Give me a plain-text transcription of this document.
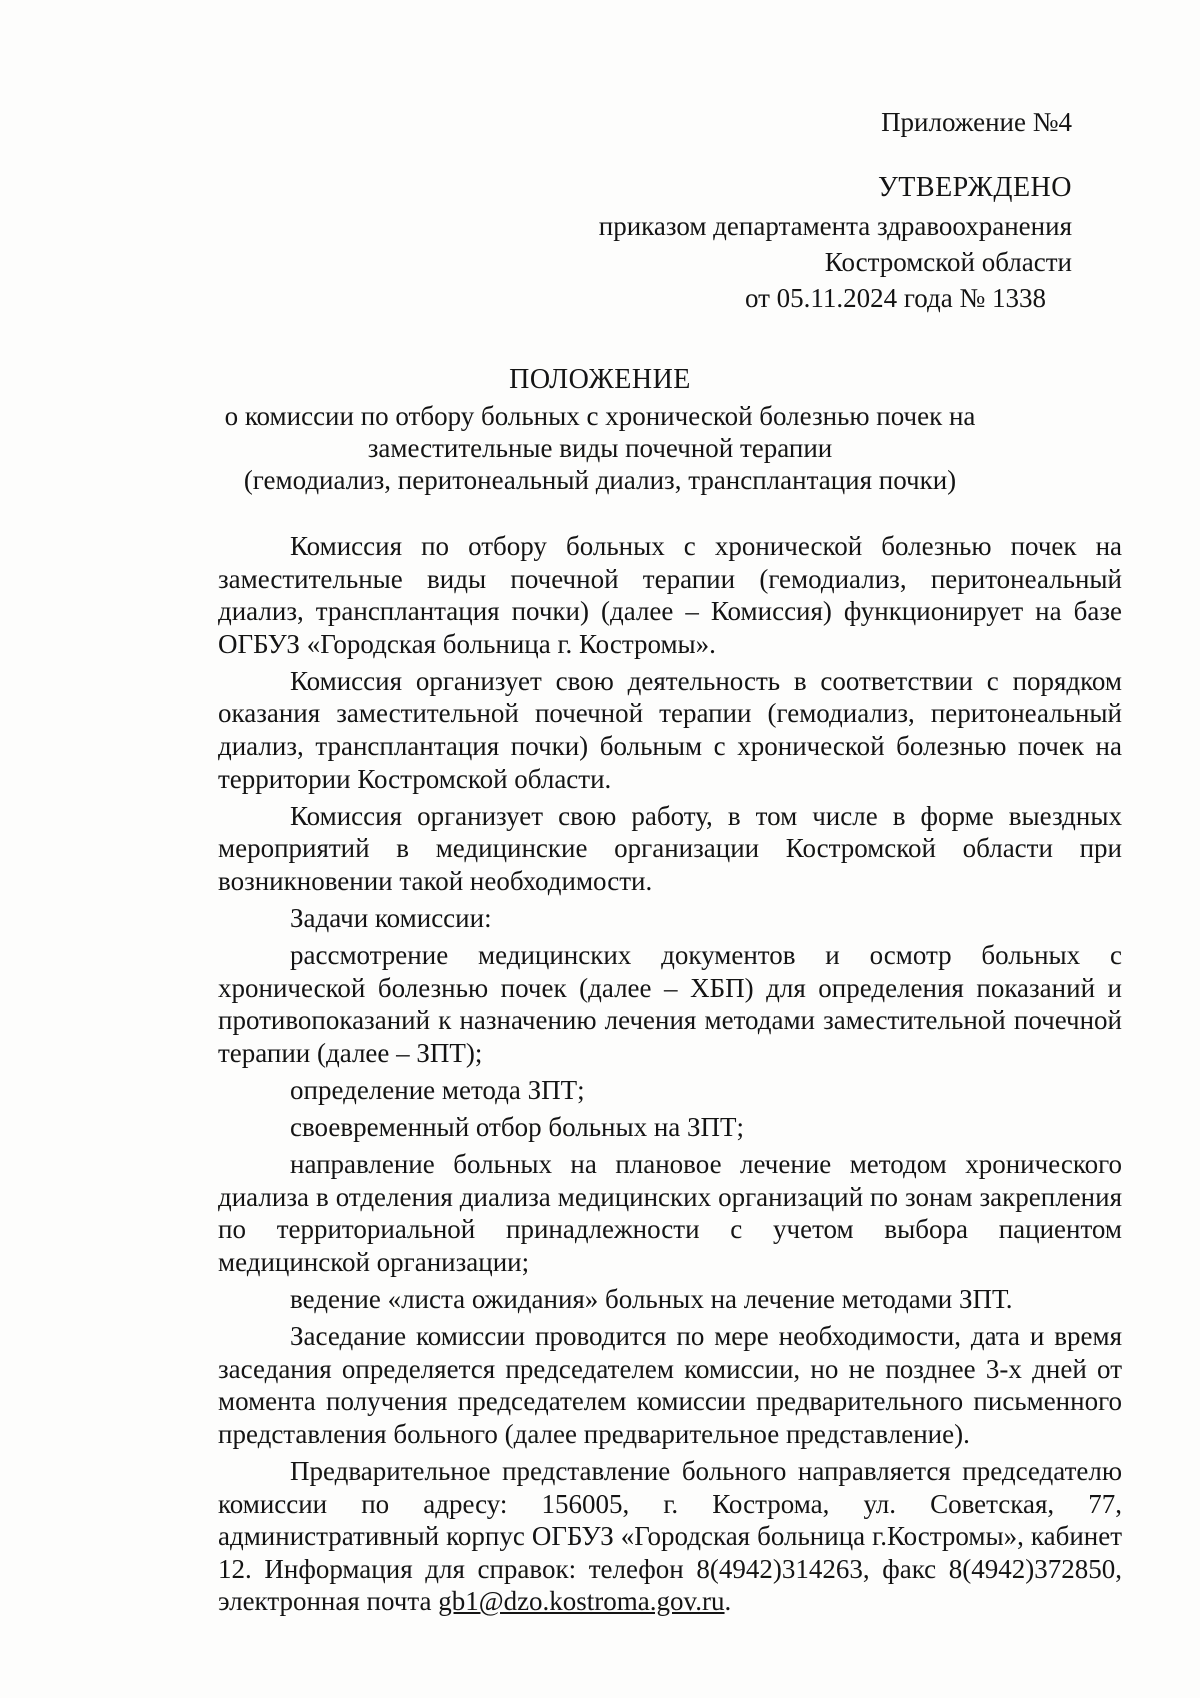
Приложение №4
УТВЕРЖДЕНО
приказом департамента здравоохранения
Костромской области
от 05.11.2024 года № 1338
ПОЛОЖЕНИЕ
о комиссии по отбору больных с хронической болезнью почек на
заместительные виды почечной терапии
(гемодиализ, перитонеальный диализ, трансплантация почки)

Комиссия по отбору больных с хронической болезнью почек на заместительные виды почечной терапии (гемодиализ, перитонеальный диализ, трансплантация почки) (далее – Комиссия) функционирует на базе ОГБУЗ «Городская больница г. Костромы».

Комиссия организует свою деятельность в соответствии с порядком оказания заместительной почечной терапии (гемодиализ, перитонеальный диализ, трансплантация почки) больным с хронической болезнью почек на территории Костромской области.

Комиссия организует свою работу, в том числе в форме выездных мероприятий в медицинские организации Костромской области при возникновении такой необходимости.

Задачи комиссии:

рассмотрение медицинских документов и осмотр больных с хронической болезнью почек (далее – ХБП) для определения показаний и противопоказаний к назначению лечения методами заместительной почечной терапии (далее – ЗПТ);

определение метода ЗПТ;

своевременный отбор больных на ЗПТ;

направление больных на плановое лечение методом хронического диализа в отделения диализа медицинских организаций по зонам закрепления по территориальной принадлежности с учетом выбора пациентом медицинской организации;

ведение «листа ожидания» больных на лечение методами ЗПТ.

Заседание комиссии проводится по мере необходимости, дата и время заседания определяется председателем комиссии, но не позднее 3-х дней от момента получения председателем комиссии предварительного письменного представления больного (далее предварительное представление).

Предварительное представление больного направляется председателю комиссии по адресу: 156005, г. Кострома, ул. Советская, 77, административный корпус ОГБУЗ «Городская больница г.Костромы», кабинет 12. Информация для справок: телефон 8(4942)314263, факс 8(4942)372850, электронная почта gb1@dzo.kostroma.gov.ru.
